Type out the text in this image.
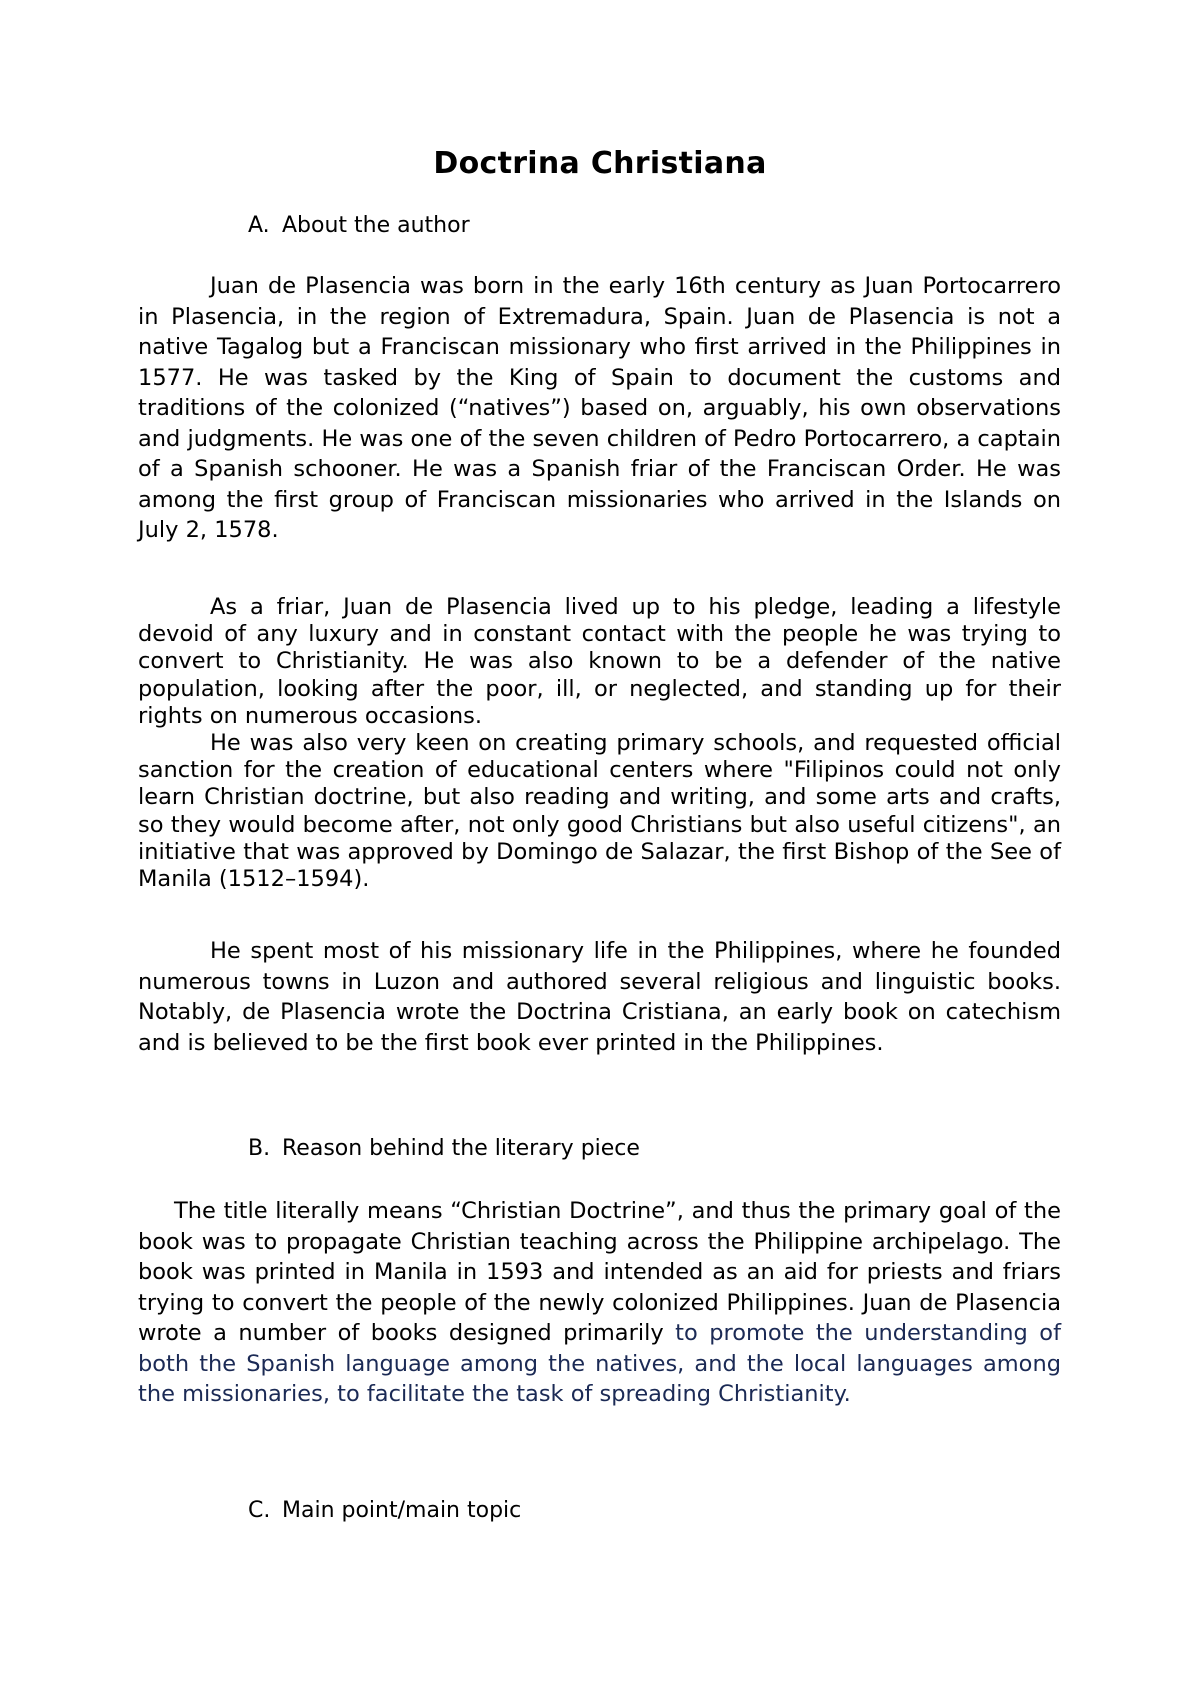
Doctrina Christiana
A. About the author

Juan de Plasencia was born in the early 16th century as Juan Portocarrero in Plasencia, in the region of Extremadura, Spain. Juan de Plasencia is not a native Tagalog but a Franciscan missionary who first arrived in the Philippines in 1577. He was tasked by the King of Spain to document the customs and traditions of the colonized (“natives”) based on, arguably, his own observations and judgments. He was one of the seven children of Pedro Portocarrero, a captain of a Spanish schooner. He was a Spanish friar of the Franciscan Order. He was among the first group of Franciscan missionaries who arrived in the Islands on July 2, 1578.

As a friar, Juan de Plasencia lived up to his pledge, leading a lifestyle devoid of any luxury and in constant contact with the people he was trying to convert to Christianity. He was also known to be a defender of the native population, looking after the poor, ill, or neglected, and standing up for their rights on numerous occasions.

He was also very keen on creating primary schools, and requested official sanction for the creation of educational centers where "Filipinos could not only learn Christian doctrine, but also reading and writing, and some arts and crafts, so they would become after, not only good Christians but also useful citizens", an initiative that was approved by Domingo de Salazar, the first Bishop of the See of Manila (1512–1594).

He spent most of his missionary life in the Philippines, where he founded numerous towns in Luzon and authored several religious and linguistic books. Notably, de Plasencia wrote the Doctrina Cristiana, an early book on catechism and is believed to be the first book ever printed in the Philippines.

B. Reason behind the literary piece

The title literally means “Christian Doctrine”, and thus the primary goal of the book was to propagate Christian teaching across the Philippine archipelago. The book was printed in Manila in 1593 and intended as an aid for priests and friars trying to convert the people of the newly colonized Philippines. Juan de Plasencia wrote a number of books designed primarily to promote the understanding of both the Spanish language among the natives, and the local languages among the missionaries, to facilitate the task of spreading Christianity.

C. Main point/main topic
